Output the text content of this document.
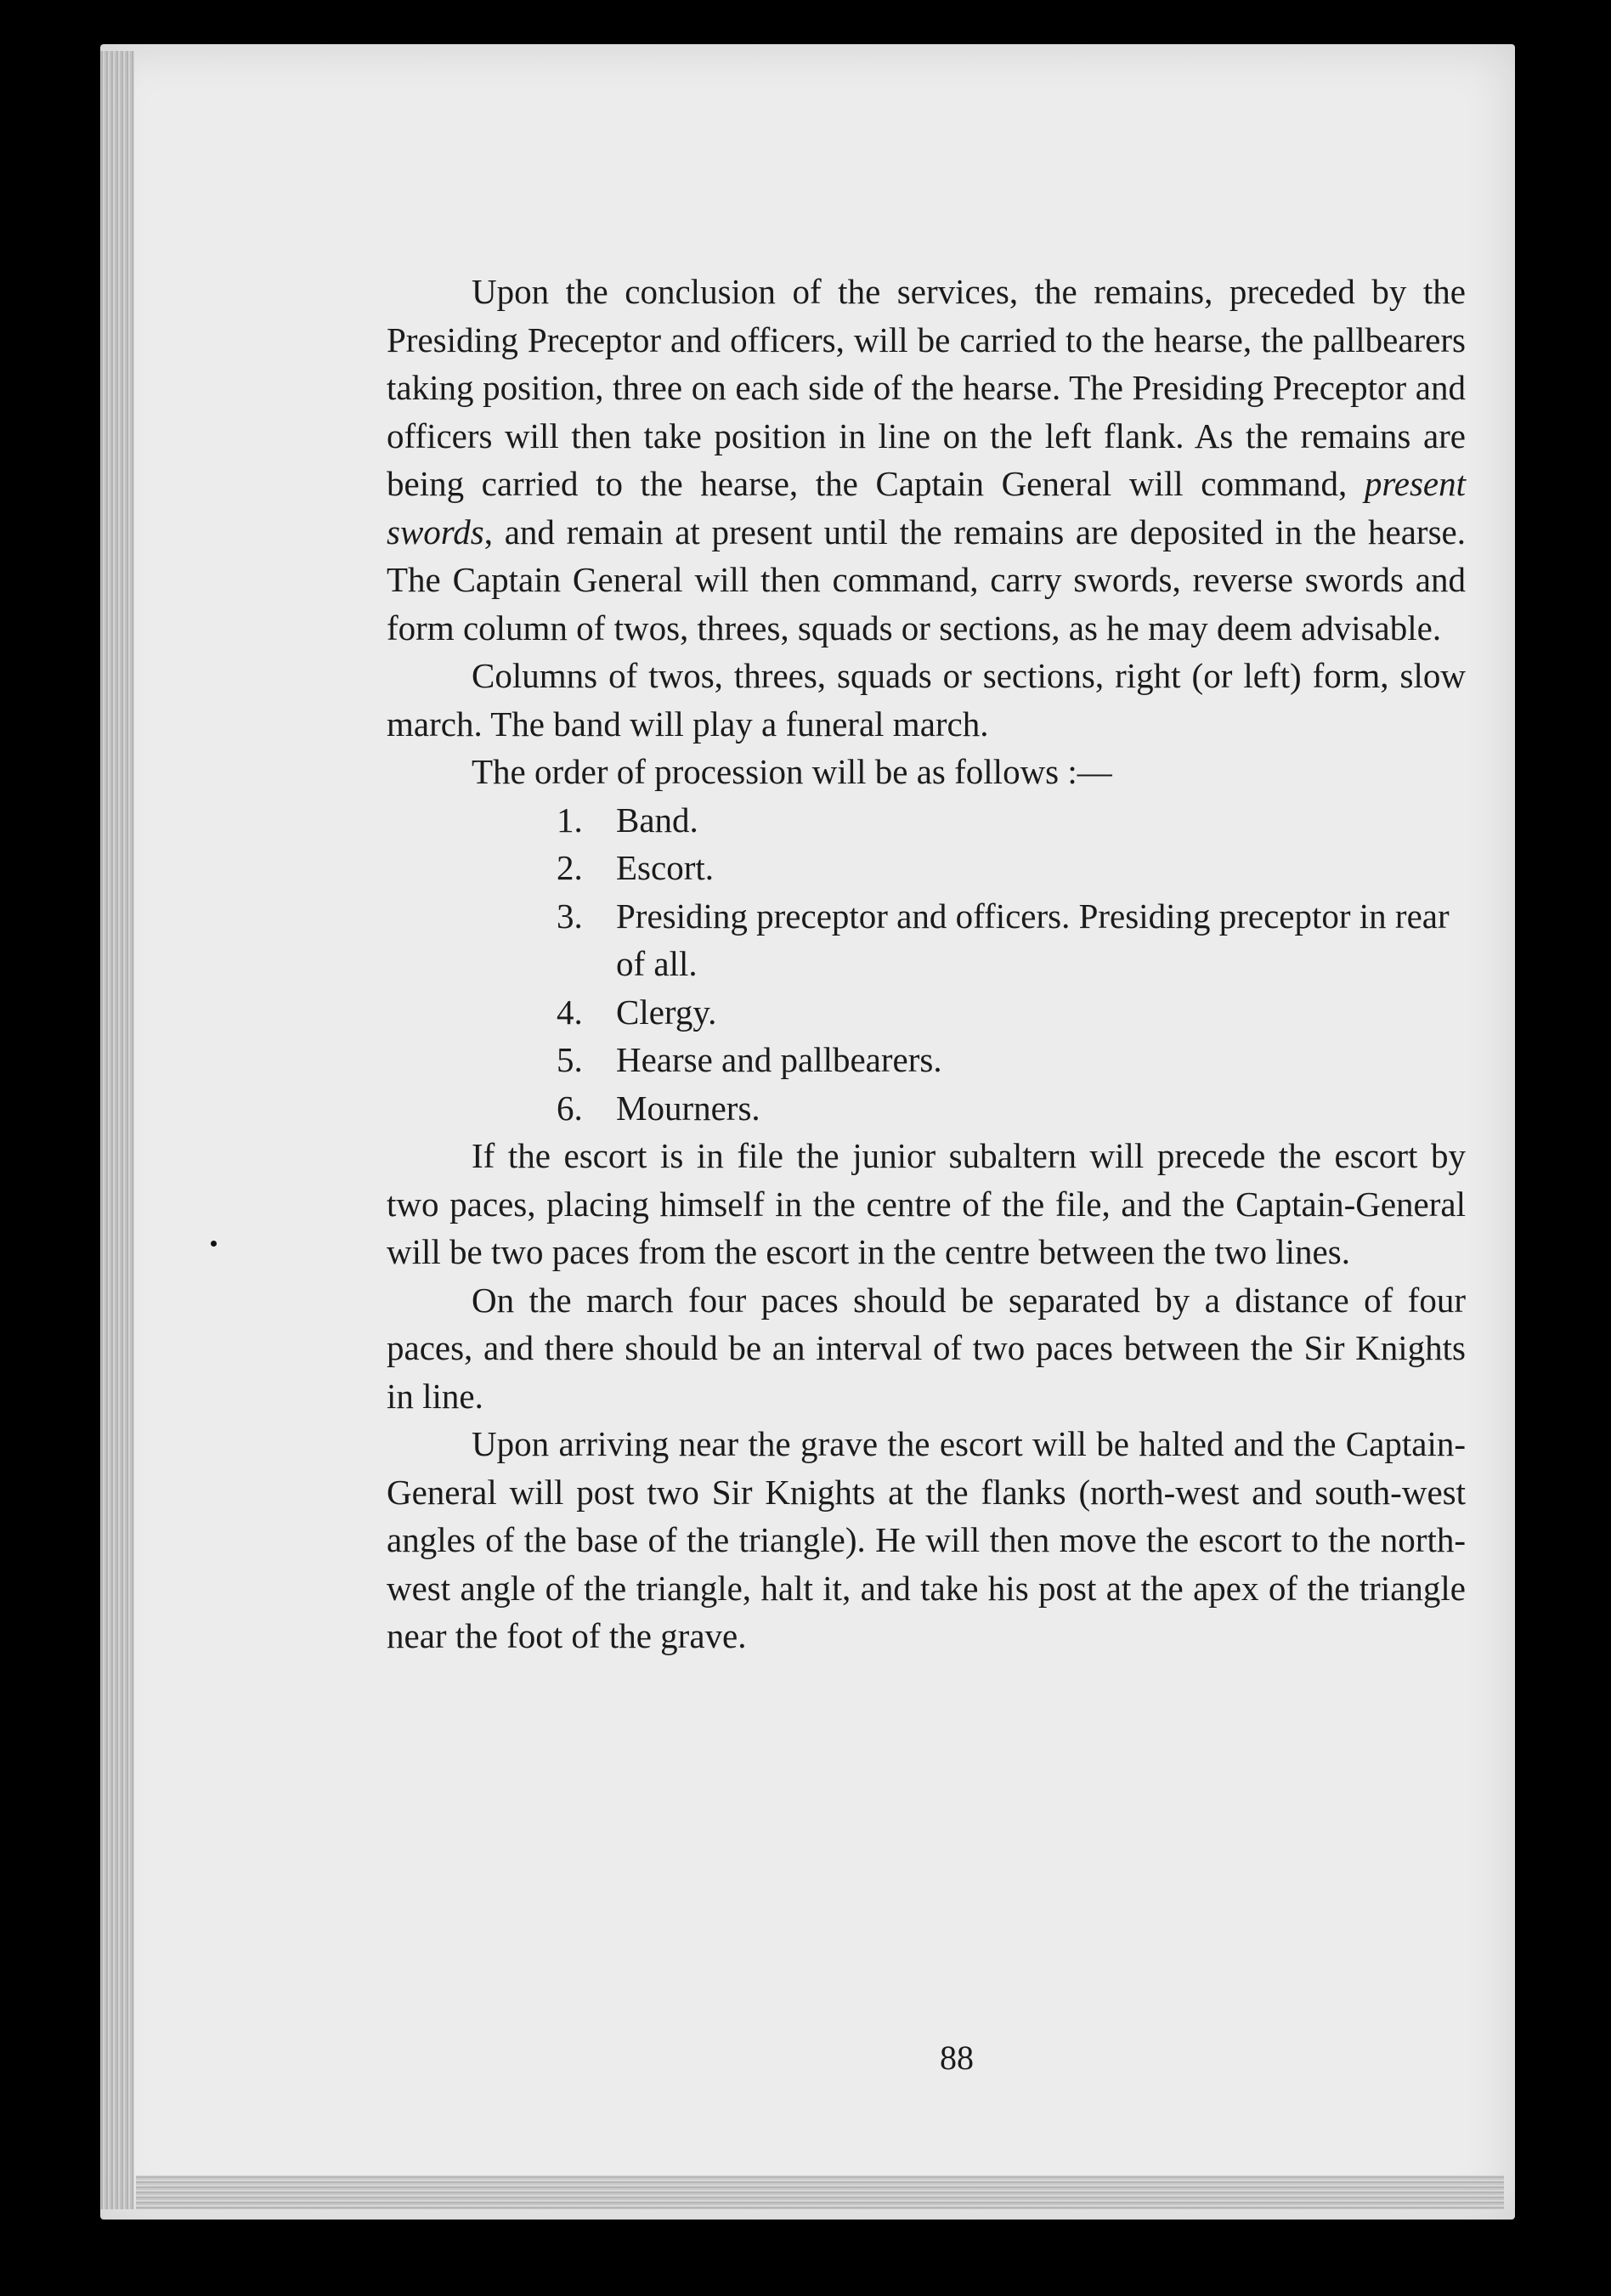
Upon the conclusion of the services, the remains, preceded by the Presiding Preceptor and officers, will be carried to the hearse, the pallbearers taking position, three on each side of the hearse. The Presiding Preceptor and officers will then take position in line on the left flank. As the remains are being carried to the hearse, the Captain General will command, present swords, and remain at present until the remains are deposited in the hearse. The Captain General will then command, carry swords, reverse swords and form column of twos, threes, squads or sections, as he may deem advisable.

Columns of twos, threes, squads or sections, right (or left) form, slow march. The band will play a funeral march.

The order of procession will be as follows :—

1. Band.
2. Escort.
3. Presiding preceptor and officers. Presiding preceptor in rear of all.
4. Clergy.
5. Hearse and pallbearers.
6. Mourners.

If the escort is in file the junior subaltern will precede the escort by two paces, placing himself in the centre of the file, and the Captain-General will be two paces from the escort in the centre between the two lines.

On the march four paces should be separated by a distance of four paces, and there should be an interval of two paces between the Sir Knights in line.

Upon arriving near the grave the escort will be halted and the Captain-General will post two Sir Knights at the flanks (north-west and south-west angles of the base of the triangle). He will then move the escort to the north-west angle of the triangle, halt it, and take his post at the apex of the triangle near the foot of the grave.

88
